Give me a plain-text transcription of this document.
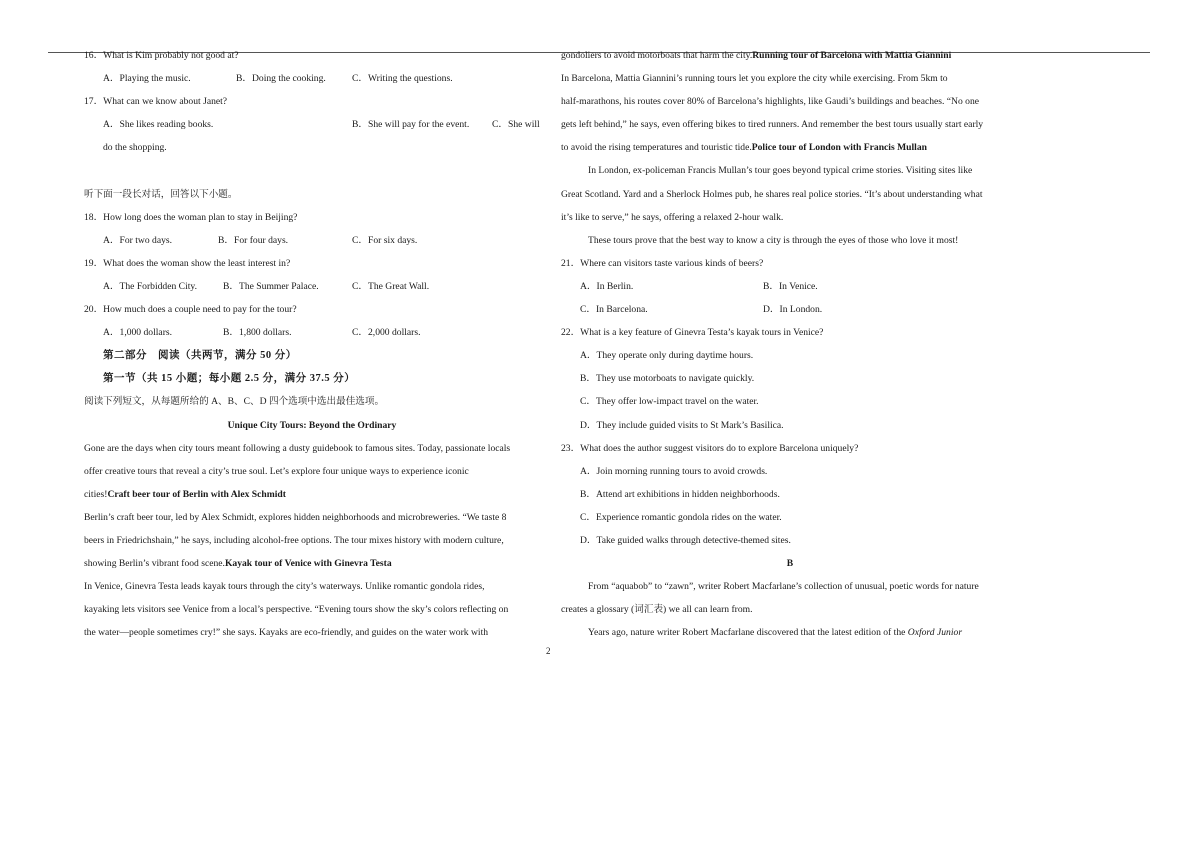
16．What is Kim probably not good at?
A．Playing the music.	B．Doing the cooking.	C．Writing the questions.
17．What can we know about Janet?
A．She likes reading books.	B．She will pay for the event. C．She will
do the shopping.
听下面一段长对话，回答以下小题。
18．How long does the woman plan to stay in Beijing?
A．For two days.	B．For four days.	C．For six days.
19．What does the woman show the least interest in?
A．The Forbidden City.	B．The Summer Palace.	C．The Great Wall.
20．How much does a couple need to pay for the tour?
A．1,000 dollars.	B．1,800 dollars.	C．2,000 dollars.
第二部分　阅读（共两节，满分 50 分）
第一节（共 15 小题；每小题 2.5 分，满分 37.5 分）
阅读下列短文，从每题所给的 A、B、C、D 四个选项中选出最佳选项。
Unique City Tours: Beyond the Ordinary
Gone are the days when city tours meant following a dusty guidebook to famous sites. Today, passionate locals
offer creative tours that reveal a city’s true soul. Let’s explore four unique ways to experience iconic
cities!Craft beer tour of Berlin with Alex Schmidt
Berlin’s craft beer tour, led by Alex Schmidt, explores hidden neighborhoods and microbreweries. “We taste 8
beers in Friedrichshain,” he says, including alcohol-free options. The tour mixes history with modern culture,
showing Berlin’s vibrant food scene.Kayak tour of Venice with Ginevra Testa
In Venice, Ginevra Testa leads kayak tours through the city’s waterways. Unlike romantic gondola rides,
kayaking lets visitors see Venice from a local’s perspective. “Evening tours show the sky’s colors reflecting on
the water—people sometimes cry!” she says. Kayaks are eco-friendly, and guides on the water work with
gondoliers to avoid motorboats that harm the city.Running tour of Barcelona with Mattia Giannini
In Barcelona, Mattia Giannini’s running tours let you explore the city while exercising. From 5km to
half-marathons, his routes cover 80% of Barcelona’s highlights, like Gaudi’s buildings and beaches. “No one
gets left behind,” he says, even offering bikes to tired runners. And remember the best tours usually start early
to avoid the rising temperatures and touristic tide.Police tour of London with Francis Mullan
In London, ex-policeman Francis Mullan’s tour goes beyond typical crime stories. Visiting sites like
Great Scotland. Yard and a Sherlock Holmes pub, he shares real police stories. “It’s about understanding what
it’s like to serve,” he says, offering a relaxed 2-hour walk.
These tours prove that the best way to know a city is through the eyes of those who love it most!
21．Where can visitors taste various kinds of beers?
A．In Berlin.	B．In Venice.
C．In Barcelona.	D．In London.
22．What is a key feature of Ginevra Testa’s kayak tours in Venice?
A．They operate only during daytime hours.
B．They use motorboats to navigate quickly.
C．They offer low-impact travel on the water.
D．They include guided visits to St Mark’s Basilica.
23．What does the author suggest visitors do to explore Barcelona uniquely?
A．Join morning running tours to avoid crowds.
B．Attend art exhibitions in hidden neighborhoods.
C．Experience romantic gondola rides on the water.
D．Take guided walks through detective-themed sites.
B
From “aquabob” to “zawn”, writer Robert Macfarlane’s collection of unusual, poetic words for nature
creates a glossary (词汇表) we all can learn from.
Years ago, nature writer Robert Macfarlane discovered that the latest edition of the Oxford Junior
2
